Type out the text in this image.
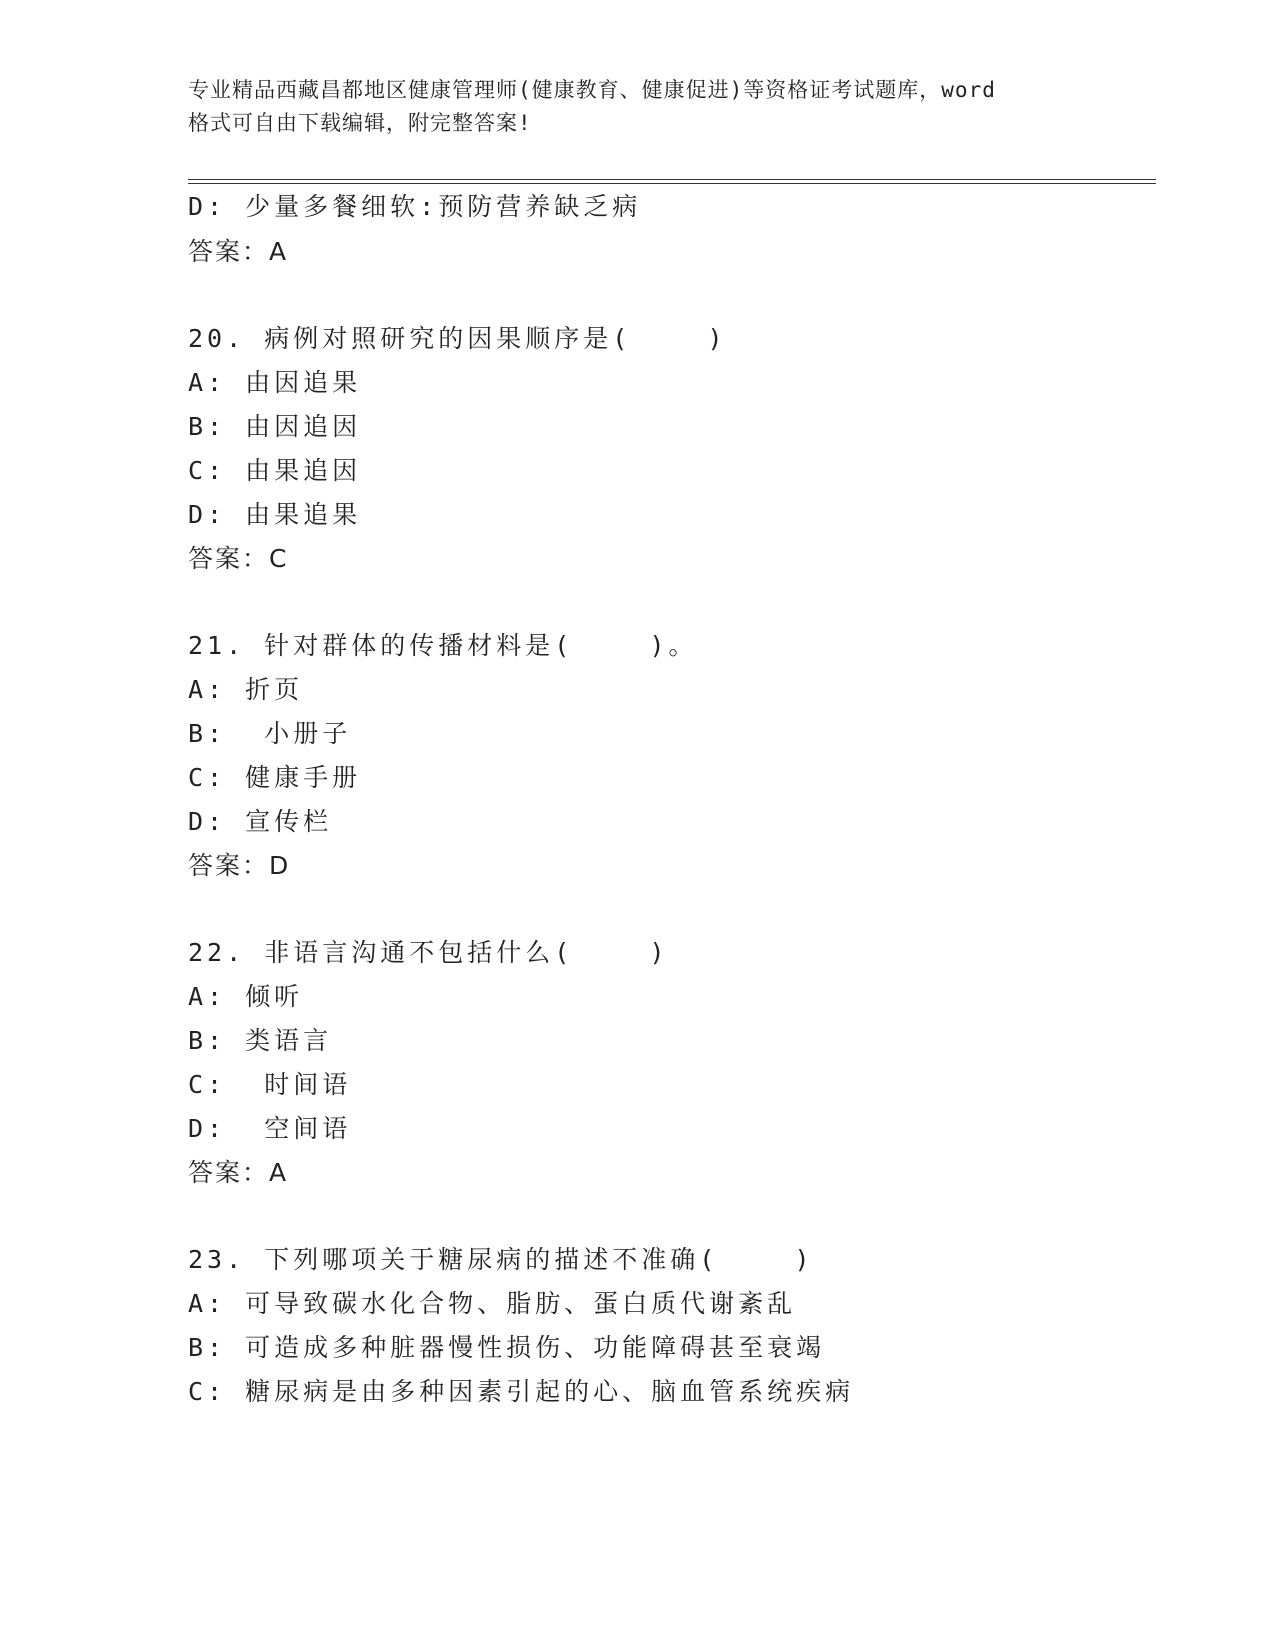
专业精品西藏昌都地区健康管理师(健康教育、健康促进)等资格证考试题库，word
格式可自由下载编辑，附完整答案!
D: 少量多餐细软:预防营养缺乏病
答案：A
20. 病例对照研究的因果顺序是(    )
A: 由因追果
B: 由因追因
C: 由果追因
D: 由果追果
答案：C
21. 针对群体的传播材料是(    )。
A: 折页
B:  小册子
C: 健康手册
D: 宣传栏
答案：D
22. 非语言沟通不包括什么(    )
A: 倾听
B: 类语言
C:  时间语
D:  空间语
答案：A
23. 下列哪项关于糖尿病的描述不准确(    )
A: 可导致碳水化合物、脂肪、蛋白质代谢紊乱
B: 可造成多种脏器慢性损伤、功能障碍甚至衰竭
C: 糖尿病是由多种因素引起的心、脑血管系统疾病
